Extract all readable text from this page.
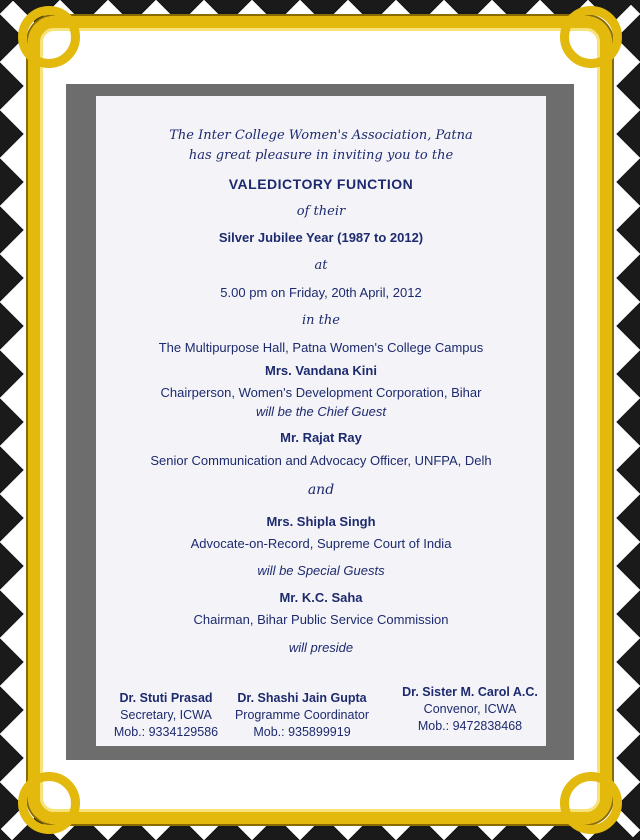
The Inter College Women's Association, Patna
has great pleasure in inviting you to the
VALEDICTORY FUNCTION
of their
Silver Jubilee Year (1987 to 2012)
at
5.00 pm on Friday, 20th April, 2012
in the
The Multipurpose Hall, Patna Women's College Campus
Mrs. Vandana Kini
Chairperson, Women's Development Corporation, Bihar
will be the Chief Guest
Mr. Rajat Ray
Senior Communication and Advocacy Officer, UNFPA, Delh
and
Mrs. Shipla Singh
Advocate-on-Record, Supreme Court of India
will be Special Guests
Mr. K.C. Saha
Chairman, Bihar Public Service Commission
will preside
Dr. Stuti Prasad
Secretary, ICWA
Mob.: 9334129586
Dr. Shashi Jain Gupta
Programme Coordinator
Mob.: 935899919
Dr. Sister M. Carol A.C.
Convenor, ICWA
Mob.: 9472838468
